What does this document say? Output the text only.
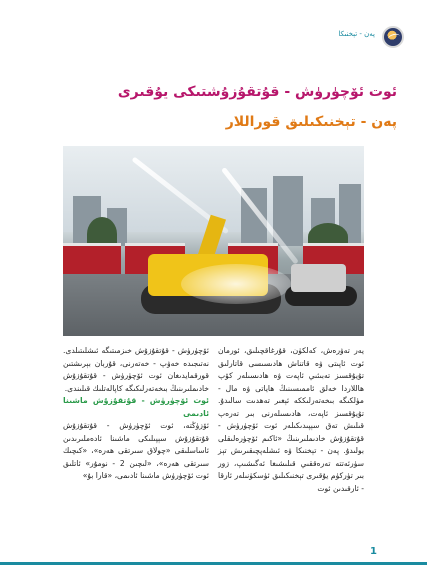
پەن - تېخنىكا
ئوت ئۆچۈرۈش - قۇتقۇزۇشتىكى يۇقىرى
پەن - تېخنىكىلىق قوراللار

يەر تەۋرەش، كەلكۈن، قۇرغاقچىلىق، ئورمان ئوت ئاپىتى ۋە قاتناش ھادىسىسى قاتارلىق تۇيۇقسىز تەبىئىي ئاپەت ۋە ھادىسىلەر كۆپ ھاللاردا خەلق ئاممىسىنىڭ ھاياتى ۋە مال - مۈلكىگە بىخەتەرلىككە ئېغىر تەھدىت سالىدۇ. تۇيۇقسىز ئاپەت، ھادىسىلەرنى بىر تەرەپ قىلىش تەق سېپىدىكىلەر ئوت ئۆچۈرۈش - قۇتقۇزۇش خادىملىرىنىڭ «ئاكىم ئۆچۈرەلىقلى بولىدۇ. پەن - تېخنىكا ۋە ئىشلەپچىقىرىش تېز سۈرئەتتە تەرەققىي قىلىشىغا ئەگىشىپ، زور بىر تۈركۈم يۇقىرى تېخنىكىلىق ئۈسكۈنىلەر ئارقا - ئارقىدىن ئوت

ئۆچۈرۈش - قۇتقۇزۇش خىزمىتىگە ئىشلىتىلدى. نەتىجىدە خەۋپ - خەتەرنى، قۇربان بېرىشتىن قورقمايدىغان ئوت ئۆچۈرۈش - قۇتقۇزۇش خادىملىرىنىڭ بىخەتەرلىكىگە كاپالەتلىك قىلىندى.

ئوت ئۆچۈرۈش - قۇتقۇزۇش ماشىنا ئادىمى

ئۆزۈڭتە، ئوت ئۆچۈرۈش - قۇتقۇزۇش قۇتقۇزۇش سېپىلىكى ماشىنا ئادەملىرىدىن ئاساسلىقى «چولاق سىرتقى ھەرە»، «كىچىك سىرتقى ھەرە»، «لىچىن 2 - نومۇر» ئاتلىق ئوت ئۆچۈرۈش ماشىنا ئادىمى، «قارا بۇ»

1
